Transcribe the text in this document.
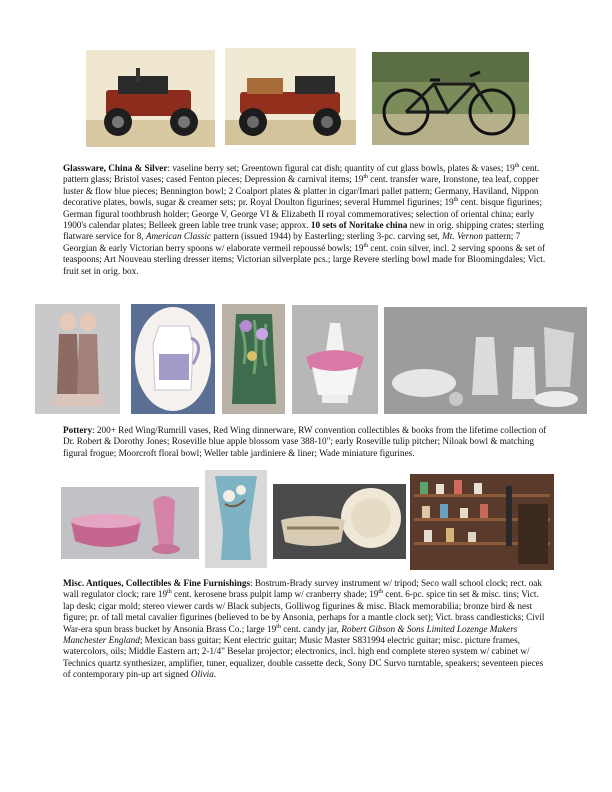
Glassware, China & Silver: vaseline berry set; Greentown figural cat dish; quantity of cut glass bowls, plates & vases; 19th cent. pattern glass; Bristol vases; cased Fenton pieces; Depression & carnival items; 19th cent. transfer ware, Ironstone, tea leaf, copper luster & flow blue pieces; Bennington bowl; 2 Coalport plates & platter in cigar/Imari pallet pattern; Germany, Haviland, Nippon decorative plates, bowls, sugar & creamer sets; pr. Royal Doulton figurines; several Hummel figurines; 19th cent. bisque figurines; German figural toothbrush holder; George V, George VI & Elizabeth II royal commemoratives; selection of oriental china; early 1900's calendar plates; Belleek green lable tree trunk vase; approx. 10 sets of Noritake china new in orig. shipping crates; sterling flatware service for 8, American Classic pattern (issued 1944) by Easterling; sterling 3-pc. carving set, Mt. Vernon pattern; 7 Georgian & early Victorian berry spoons w/ elaborate vermeil repoussé bowls; 19th cent. coin silver, incl. 2 serving spoons & set of teaspoons; Art Nouveau sterling dresser items; Victorian silverplate pcs.; large Revere sterling bowl made for Bloomingdales; Vict. fruit set in orig. box.

Pottery: 200+ Red Wing/Rumrill vases, Red Wing dinnerware, RW convention collectibles & books from the lifetime collection of Dr. Robert & Dorothy Jones; Roseville blue apple blossom vase 388-10"; early Roseville tulip pitcher; Niloak bowl & matching figural frogue; Moorcroft floral bowl; Weller table jardiniere & liner; Wade miniature figurines.

Misc. Antiques, Collectibles & Fine Furnishings: Bostrum-Brady survey instrument w/ tripod; Seco wall school clock; rect. oak wall regulator clock; rare 19th cent. kerosene brass pulpit lamp w/ cranberry shade; 19th cent. 6-pc. spice tin set & misc. tins; Vict. lap desk; cigar mold; stereo viewer cards w/ Black subjects, Golliwog figurines & misc. Black memorabilia; bronze bird & nest figure; pr. of tall metal cavalier figurines (believed to be by Ansonia, perhaps for a mantle clock set); Vict. brass candlesticks; Civil War-era spun brass bucket by Ansonia Brass Co.; large 19th cent. candy jar, Robert Gibson & Sons Limited Lozenge Makers Manchester England; Mexican bass guitar; Kent electric guitar; Music Master S831994 electric guitar; misc. picture frames, watercolors, oils; Middle Eastern art; 2-1/4" Beselar projector; electronics, incl. high end complete stereo system w/ cabinet w/ Technics quartz synthesizer, amplifier, tuner, equalizer, double cassette deck, Sony DC Survo turntable, speakers; seventeen pieces of contemporary pin-up art signed Olivia.
